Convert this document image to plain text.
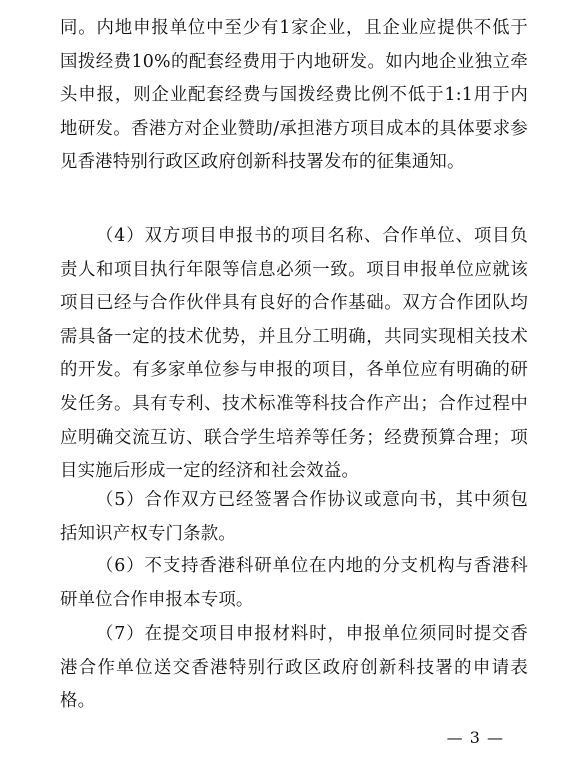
同。内地申报单位中至少有1家企业，且企业应提供不低于国拨经费10%的配套经费用于内地研发。如内地企业独立牵头申报，则企业配套经费与国拨经费比例不低于1:1用于内地研发。香港方对企业赞助/承担港方项目成本的具体要求参见香港特别行政区政府创新科技署发布的征集通知。

（4）双方项目申报书的项目名称、合作单位、项目负责人和项目执行年限等信息必须一致。项目申报单位应就该项目已经与合作伙伴具有良好的合作基础。双方合作团队均需具备一定的技术优势，并且分工明确，共同实现相关技术的开发。有多家单位参与申报的项目，各单位应有明确的研发任务。具有专利、技术标准等科技合作产出；合作过程中应明确交流互访、联合学生培养等任务；经费预算合理；项目实施后形成一定的经济和社会效益。

（5）合作双方已经签署合作协议或意向书，其中须包括知识产权专门条款。

（6）不支持香港科研单位在内地的分支机构与香港科研单位合作申报本专项。

（7）在提交项目申报材料时，申报单位须同时提交香港合作单位送交香港特别行政区政府创新科技署的申请表格。

— 3 —
